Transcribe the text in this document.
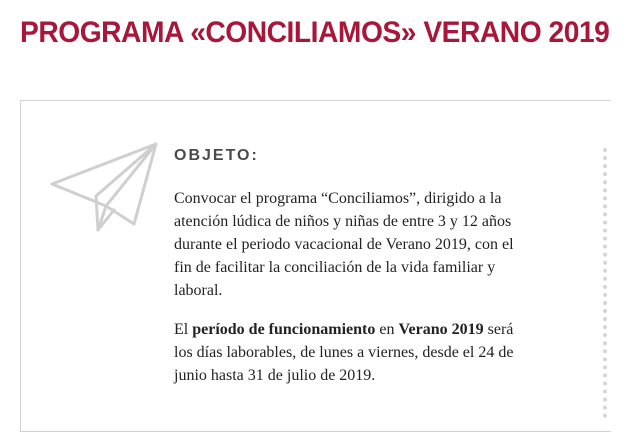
PROGRAMA «CONCILIAMOS» VERANO 2019
OBJETO:

Convocar el programa “Conciliamos”, dirigido a la
atención lúdica de niños y niñas de entre 3 y 12 años
durante el periodo vacacional de Verano 2019, con el
fin de facilitar la conciliación de la vida familiar y
laboral.

El período de funcionamiento en Verano 2019 será
los días laborables, de lunes a viernes, desde el 24 de
junio hasta 31 de julio de 2019.
